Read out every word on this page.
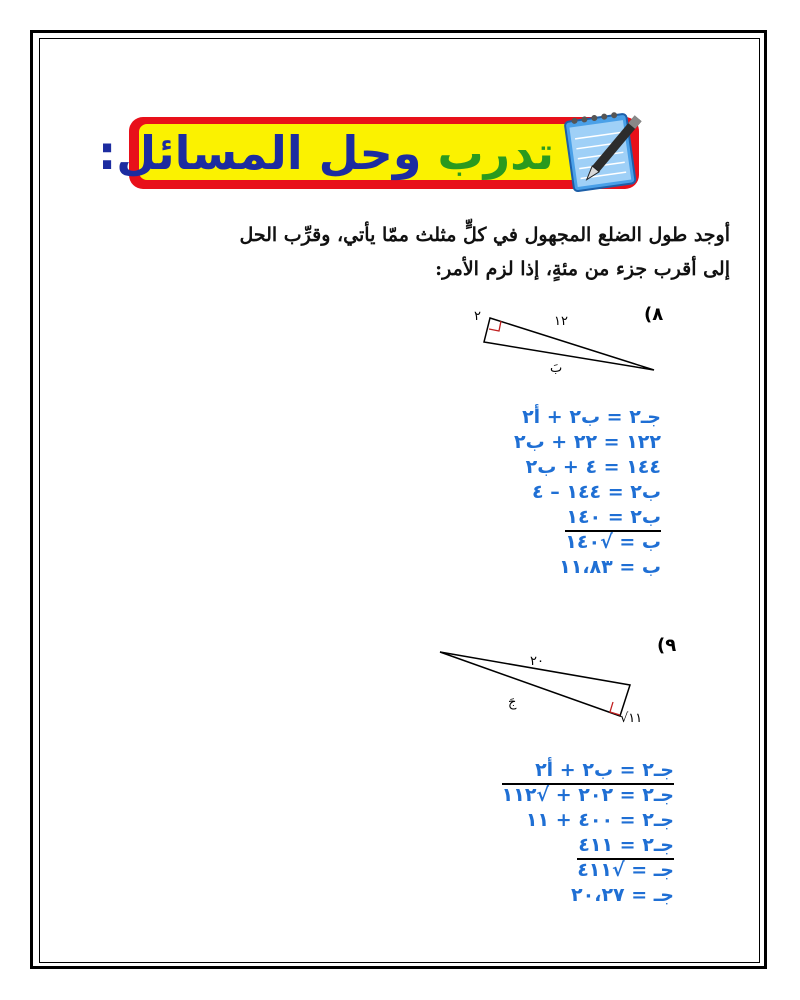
تدرب وحل المسائل:

أوجد طول الضلع المجهول في كلٍّ مثلث ممّا يأتي، وقرِّب الحل

إلى أقرب جزء من مئةٍ، إذا لزم الأمر:

٨)
٢	١٢
بَ
جـ٢ = ب٢ + أ٢
١٢٢ = ٢٢ + ب٢
١٤٤ = ٤ + ب٢
ب٢ = ١٤٤ – ٤
ب٢ = ١٤٠
ب = √١٤٠
ب = ١١،٨٣
٩)
٢٠
جَ
√١١
جـ٢ = ب٢ + أ٢
جـ٢ = ٢٠٢ + √١١٢
جـ٢ = ٤٠٠ + ١١
جـ٢ = ٤١١
جـ = √٤١١
جـ = ٢٠،٢٧
